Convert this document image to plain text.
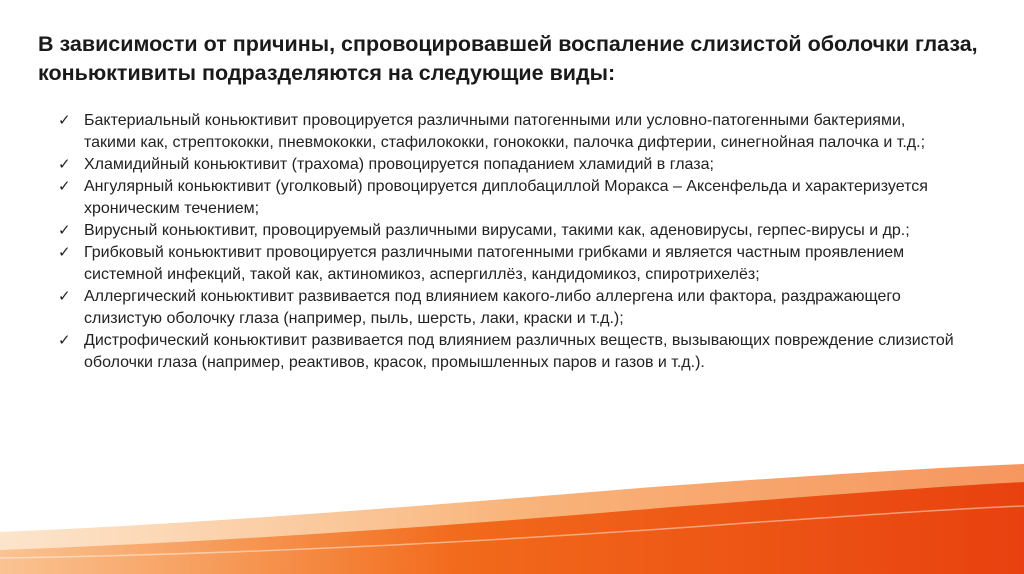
В зависимости от причины, спровоцировавшей воспаление слизистой оболочки глаза, коньюктивиты подразделяются на следующие виды:
✓ Бактериальный коньюктивит провоцируется различными патогенными или условно-патогенными бактериями, такими как, стрептококки, пневмококки, стафилококки, гонококки, палочка дифтерии, синегнойная палочка и т.д.;
✓ Хламидийный коньюктивит (трахома) провоцируется попаданием хламидий в глаза;
✓ Ангулярный коньюктивит (уголковый) провоцируется диплобациллой Моракса – Аксенфельда и характеризуется хроническим течением;
✓ Вирусный коньюктивит, провоцируемый различными вирусами, такими как, аденовирусы, герпес-вирусы и др.;
✓ Грибковый коньюктивит провоцируется различными патогенными грибками и является частным проявлением системной инфекций, такой как, актиномикоз, аспергиллёз, кандидомикоз, спиротрихелёз;
✓ Аллергический коньюктивит развивается под влиянием какого-либо аллергена или фактора, раздражающего слизистую оболочку глаза (например, пыль, шерсть, лаки, краски и т.д.);
✓ Дистрофический коньюктивит развивается под влиянием различных веществ, вызывающих повреждение слизистой оболочки глаза (например, реактивов, красок, промышленных паров и газов и т.д.).
